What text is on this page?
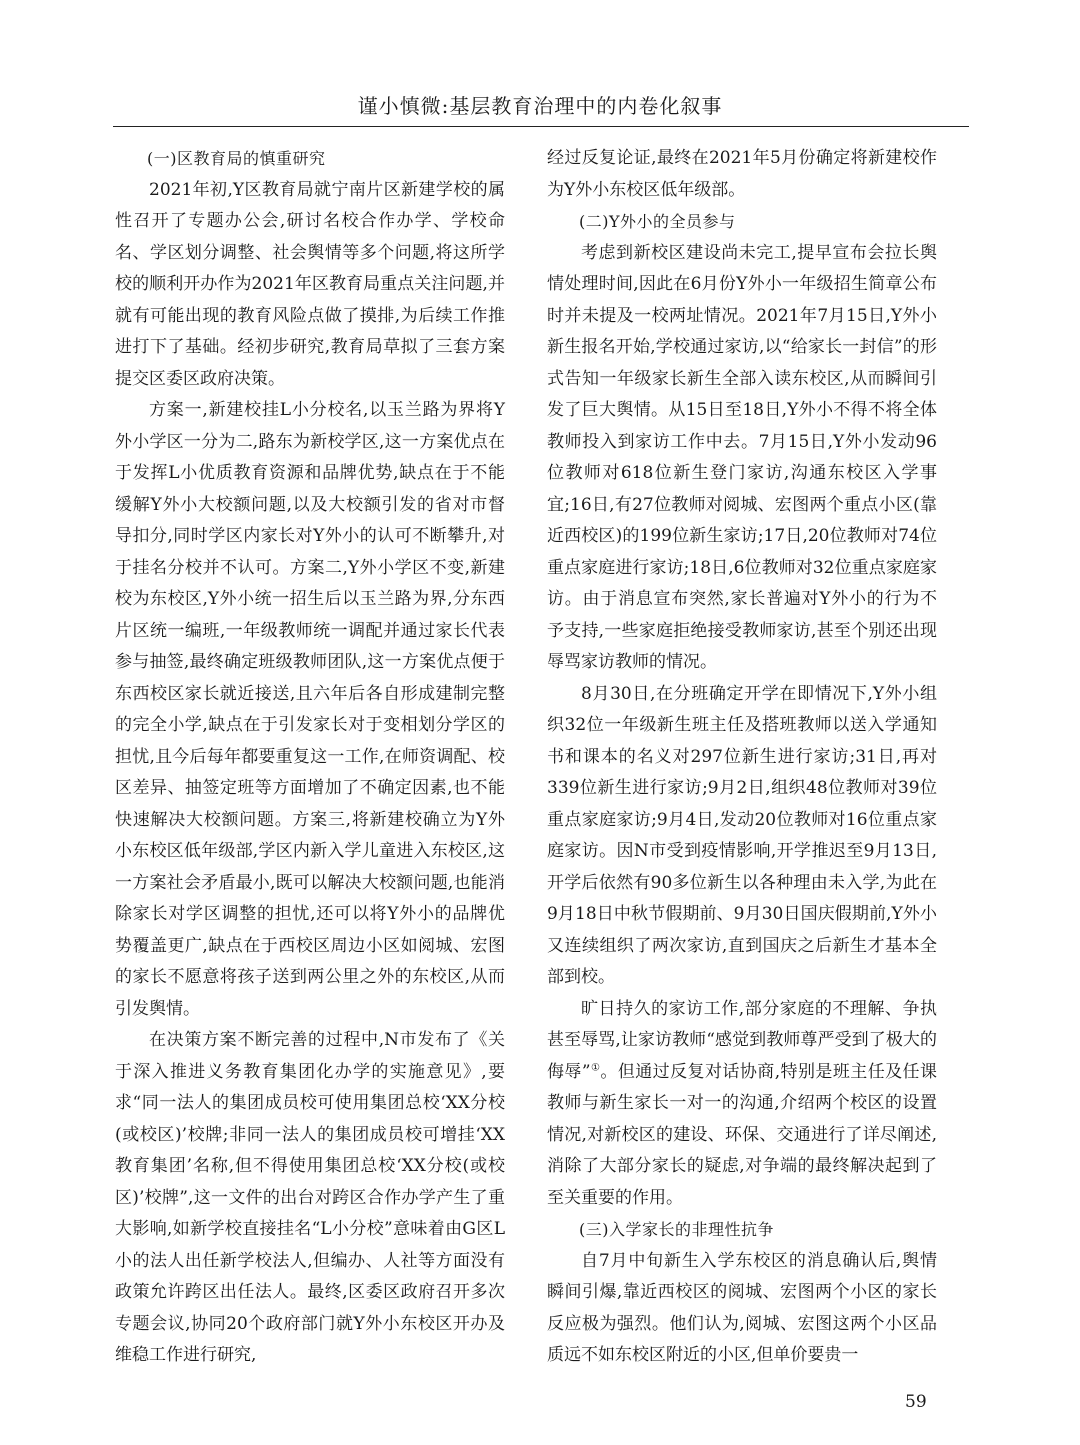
谨小慎微:基层教育治理中的内卷化叙事
(一)区教育局的慎重研究

2021年初,Y区教育局就宁南片区新建学校的属性召开了专题办公会,研讨名校合作办学、学校命名、学区划分调整、社会舆情等多个问题,将这所学校的顺利开办作为2021年区教育局重点关注问题,并就有可能出现的教育风险点做了摸排,为后续工作推进打下了基础。经初步研究,教育局草拟了三套方案提交区委区政府决策。

方案一,新建校挂L小分校名,以玉兰路为界将Y外小学区一分为二,路东为新校学区,这一方案优点在于发挥L小优质教育资源和品牌优势,缺点在于不能缓解Y外小大校额问题,以及大校额引发的省对市督导扣分,同时学区内家长对Y外小的认可不断攀升,对于挂名分校并不认可。方案二,Y外小学区不变,新建校为东校区,Y外小统一招生后以玉兰路为界,分东西片区统一编班,一年级教师统一调配并通过家长代表参与抽签,最终确定班级教师团队,这一方案优点便于东西校区家长就近接送,且六年后各自形成建制完整的完全小学,缺点在于引发家长对于变相划分学区的担忧,且今后每年都要重复这一工作,在师资调配、校区差异、抽签定班等方面增加了不确定因素,也不能快速解决大校额问题。方案三,将新建校确立为Y外小东校区低年级部,学区内新入学儿童进入东校区,这一方案社会矛盾最小,既可以解决大校额问题,也能消除家长对学区调整的担忧,还可以将Y外小的品牌优势覆盖更广,缺点在于西校区周边小区如阅城、宏图的家长不愿意将孩子送到两公里之外的东校区,从而引发舆情。

在决策方案不断完善的过程中,N市发布了《关于深入推进义务教育集团化办学的实施意见》,要求“同一法人的集团成员校可使用集团总校‘XX分校(或校区)’校牌;非同一法人的集团成员校可增挂‘XX教育集团’名称,但不得使用集团总校‘XX分校(或校区)’校牌”,这一文件的出台对跨区合作办学产生了重大影响,如新学校直接挂名“L小分校”意味着由G区L小的法人出任新学校法人,但编办、人社等方面没有政策允许跨区出任法人。最终,区委区政府召开多次专题会议,协同20个政府部门就Y外小东校区开办及维稳工作进行研究,

经过反复论证,最终在2021年5月份确定将新建校作为Y外小东校区低年级部。

(二)Y外小的全员参与

考虑到新校区建设尚未完工,提早宣布会拉长舆情处理时间,因此在6月份Y外小一年级招生简章公布时并未提及一校两址情况。2021年7月15日,Y外小新生报名开始,学校通过家访,以“给家长一封信”的形式告知一年级家长新生全部入读东校区,从而瞬间引发了巨大舆情。从15日至18日,Y外小不得不将全体教师投入到家访工作中去。7月15日,Y外小发动96位教师对618位新生登门家访,沟通东校区入学事宜;16日,有27位教师对阅城、宏图两个重点小区(靠近西校区)的199位新生家访;17日,20位教师对74位重点家庭进行家访;18日,6位教师对32位重点家庭家访。由于消息宣布突然,家长普遍对Y外小的行为不予支持,一些家庭拒绝接受教师家访,甚至个别还出现辱骂家访教师的情况。

8月30日,在分班确定开学在即情况下,Y外小组织32位一年级新生班主任及搭班教师以送入学通知书和课本的名义对297位新生进行家访;31日,再对339位新生进行家访;9月2日,组织48位教师对39位重点家庭家访;9月4日,发动20位教师对16位重点家庭家访。因N市受到疫情影响,开学推迟至9月13日,开学后依然有90多位新生以各种理由未入学,为此在9月18日中秋节假期前、9月30日国庆假期前,Y外小又连续组织了两次家访,直到国庆之后新生才基本全部到校。

旷日持久的家访工作,部分家庭的不理解、争执甚至辱骂,让家访教师“感觉到教师尊严受到了极大的侮辱”①。但通过反复对话协商,特别是班主任及任课教师与新生家长一对一的沟通,介绍两个校区的设置情况,对新校区的建设、环保、交通进行了详尽阐述,消除了大部分家长的疑虑,对争端的最终解决起到了至关重要的作用。

(三)入学家长的非理性抗争

自7月中旬新生入学东校区的消息确认后,舆情瞬间引爆,靠近西校区的阅城、宏图两个小区的家长反应极为强烈。他们认为,阅城、宏图这两个小区品质远不如东校区附近的小区,但单价要贵一

59
